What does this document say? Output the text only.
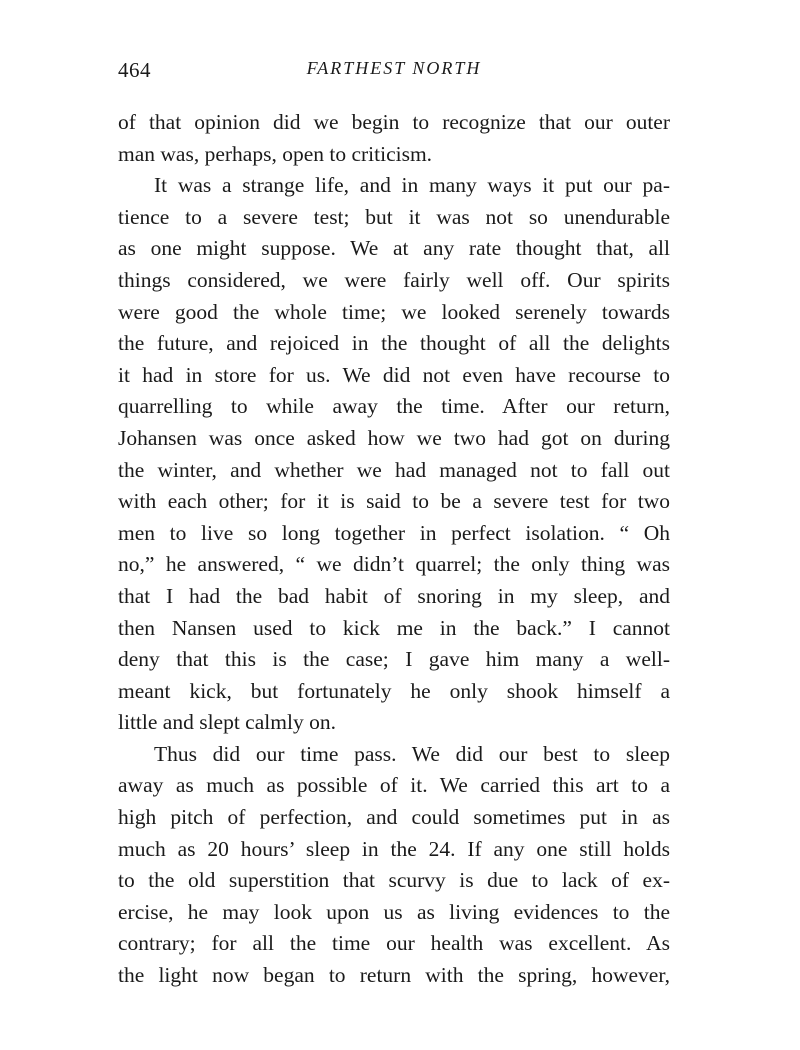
464	FARTHEST NORTH
of that opinion did we begin to recognize that our outer
man was, perhaps, open to criticism.
It was a strange life, and in many ways it put our pa-
tience to a severe test; but it was not so unendurable
as one might suppose. We at any rate thought that, all
things considered, we were fairly well off. Our spirits
were good the whole time; we looked serenely towards
the future, and rejoiced in the thought of all the delights
it had in store for us. We did not even have recourse to
quarrelling to while away the time. After our return,
Johansen was once asked how we two had got on during
the winter, and whether we had managed not to fall out
with each other; for it is said to be a severe test for two
men to live so long together in perfect isolation. “ Oh
no,” he answered, “ we didn’t quarrel; the only thing was
that I had the bad habit of snoring in my sleep, and
then Nansen used to kick me in the back.” I cannot
deny that this is the case; I gave him many a well-
meant kick, but fortunately he only shook himself a
little and slept calmly on.
Thus did our time pass. We did our best to sleep
away as much as possible of it. We carried this art to a
high pitch of perfection, and could sometimes put in as
much as 20 hours’ sleep in the 24. If any one still holds
to the old superstition that scurvy is due to lack of ex-
ercise, he may look upon us as living evidences to the
contrary; for all the time our health was excellent. As
the light now began to return with the spring, however,
